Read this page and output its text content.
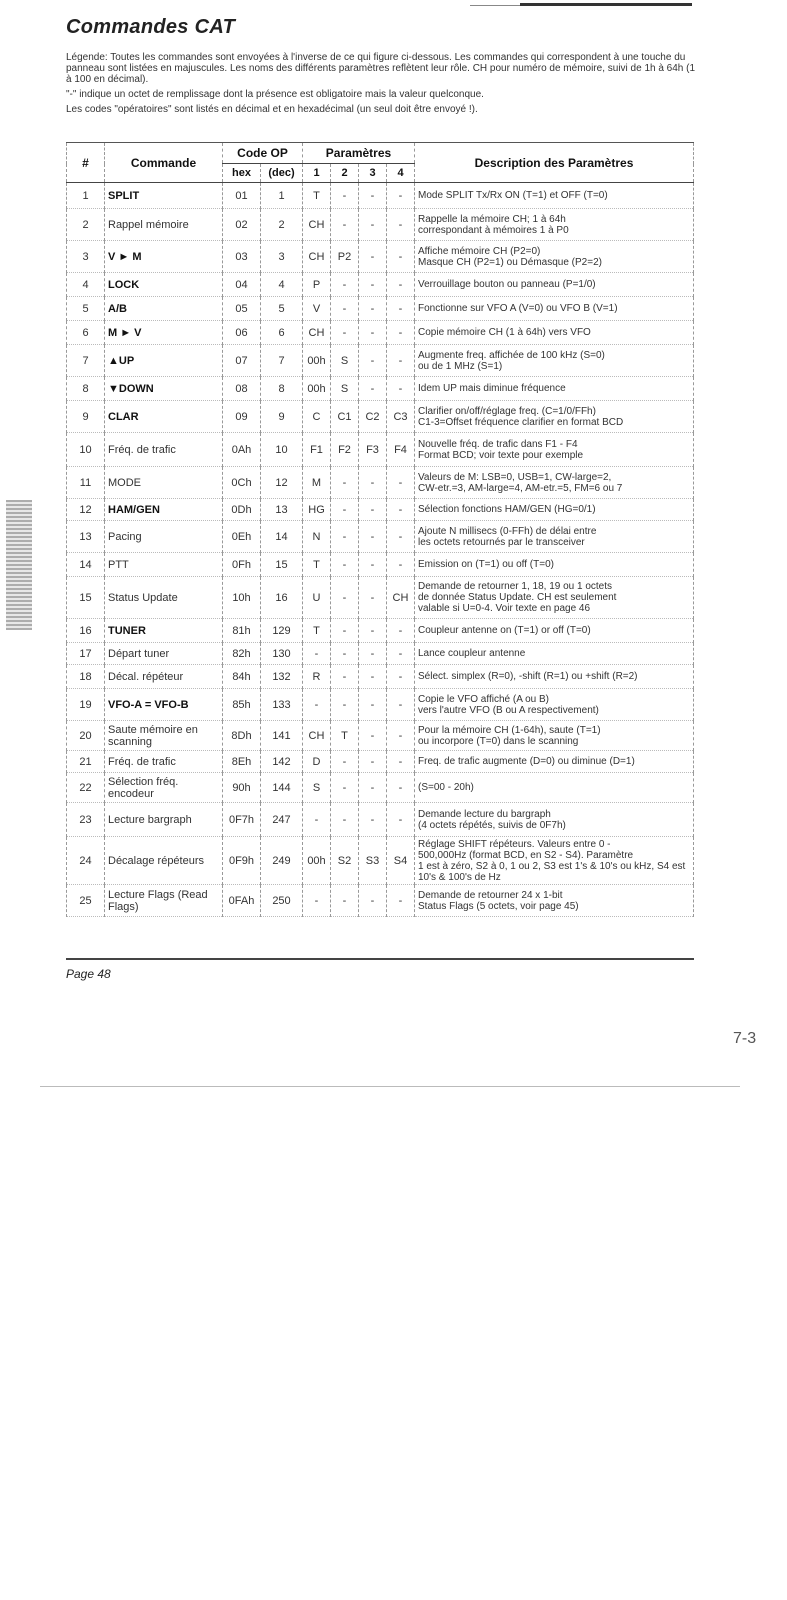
Commandes CAT

Légende: Toutes les commandes sont envoyées à l'inverse de ce qui figure ci-dessous. Les commandes qui correspondent à une touche du panneau sont listées en majuscules. Les noms des différents paramètres reflètent leur rôle. CH pour numéro de mémoire, suivi de 1h à 64h (1 à 100 en décimal).

"-" indique un octet de remplissage dont la présence est obligatoire mais la valeur quelconque.

Les codes "opératoires" sont listés en décimal et en hexadécimal (un seul doit être envoyé !).

#	Commande	Code OP		Paramètres				Description des Paramètres
		hex	(dec)	1	2	3	4	
1	SPLIT	01	1	T	-	-	-	Mode SPLIT Tx/Rx ON (T=1) et OFF (T=0)

2	Rappel mémoire	02	2	CH	-	-	-	Rappelle la mémoire CH; 1 à 64h
correspondant à mémoires 1 à P0

3	V ► M	03	3	CH	P2	-	-	Affiche mémoire CH (P2=0)
Masque CH (P2=1) ou Démasque (P2=2)

4	LOCK	04	4	P	-	-	-	Verrouillage bouton ou panneau (P=1/0)

5	A/B	05	5	V	-	-	-	Fonctionne sur VFO A (V=0) ou VFO B (V=1)

6	M ► V	06	6	CH	-	-	-	Copie mémoire CH (1 à 64h) vers VFO

7	▲UP	07	7	00h	S	-	-	Augmente freq. affichée de 100 kHz (S=0)
ou de 1 MHz (S=1)

8	▼DOWN	08	8	00h	S	-	-	Idem UP mais diminue fréquence

9	CLAR	09	9	C	C1	C2	C3	Clarifier on/off/réglage freq. (C=1/0/FFh)
C1-3=Offset fréquence clarifier en format BCD

10	Fréq. de trafic	0Ah	10	F1	F2	F3	F4	Nouvelle fréq. de trafic dans F1 - F4
Format BCD; voir texte pour exemple

11	MODE	0Ch	12	M	-	-	-	Valeurs de M: LSB=0, USB=1, CW-large=2,
CW-etr.=3, AM-large=4, AM-etr.=5, FM=6 ou 7

12	HAM/GEN	0Dh	13	HG	-	-	-	Sélection fonctions HAM/GEN (HG=0/1)

13	Pacing	0Eh	14	N	-	-	-	Ajoute N millisecs (0-FFh) de délai entre
les octets retournés par le transceiver

14	PTT	0Fh	15	T	-	-	-	Emission on (T=1) ou off (T=0)

15	Status Update	10h	16	U	-	-	CH	Demande de retourner 1, 18, 19 ou 1 octets
de donnée Status Update. CH est seulement
valable si U=0-4. Voir texte en page 46

16	TUNER	81h	129	T	-	-	-	Coupleur antenne on (T=1) or off (T=0)

17	Départ tuner	82h	130	-	-	-	-	Lance coupleur antenne

18	Décal. répéteur	84h	132	R	-	-	-	Sélect. simplex (R=0), -shift (R=1) ou +shift (R=2)

19	VFO-A = VFO-B	85h	133	-	-	-	-	Copie le VFO affiché (A ou B)
vers l'autre VFO (B ou A respectivement)

20	Saute mémoire en scanning	8Dh	141	CH	T	-	-	Pour la mémoire CH (1-64h), saute (T=1)
ou incorpore (T=0) dans le scanning

21	Fréq. de trafic	8Eh	142	D	-	-	-	Freq. de trafic augmente (D=0) ou diminue (D=1)

22	Sélection fréq. encodeur	90h	144	S	-	-	-	(S=00 - 20h)

23	Lecture bargraph	0F7h	247	-	-	-	-	Demande lecture du bargraph
(4 octets répétés, suivis de 0F7h)

24	Décalage répéteurs	0F9h	249	00h	S2	S3	S4	Réglage SHIFT répéteurs. Valeurs entre 0 -
500,000Hz (format BCD, en S2 - S4). Paramètre
1 est à zéro, S2 à 0, 1 ou 2, S3 est 1's & 10's ou kHz, S4 est 10's & 100's de Hz

25	Lecture Flags (Read Flags)	0FAh	250	-	-	-	-	Demande de retourner 24 x 1-bit
Status Flags (5 octets, voir page 45)
Page 48
7-3
